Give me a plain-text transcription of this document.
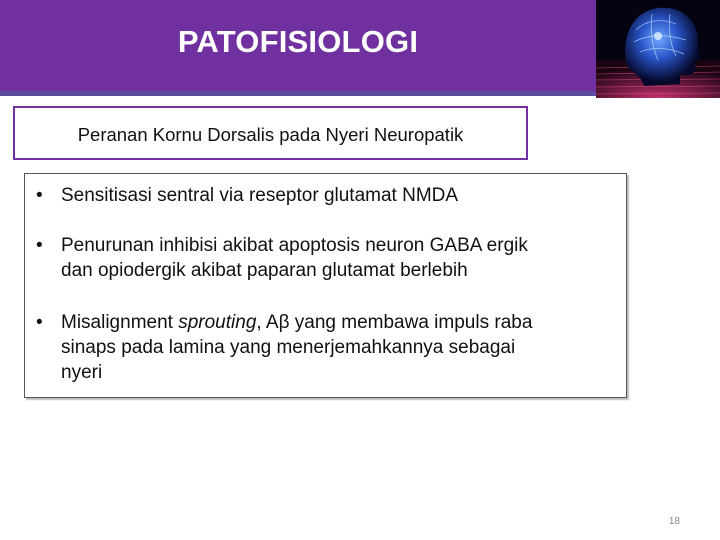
PATOFISIOLOGI
Peranan Kornu Dorsalis pada Nyeri Neuropatik
• Sensitisasi sentral via reseptor glutamat NMDA
• Penurunan inhibisi akibat apoptosis neuron GABA ergik
dan opiodergik akibat paparan glutamat berlebih
• Misalignment sprouting, Aβ yang membawa impuls raba
sinaps pada lamina yang menerjemahkannya sebagai
nyeri
18
